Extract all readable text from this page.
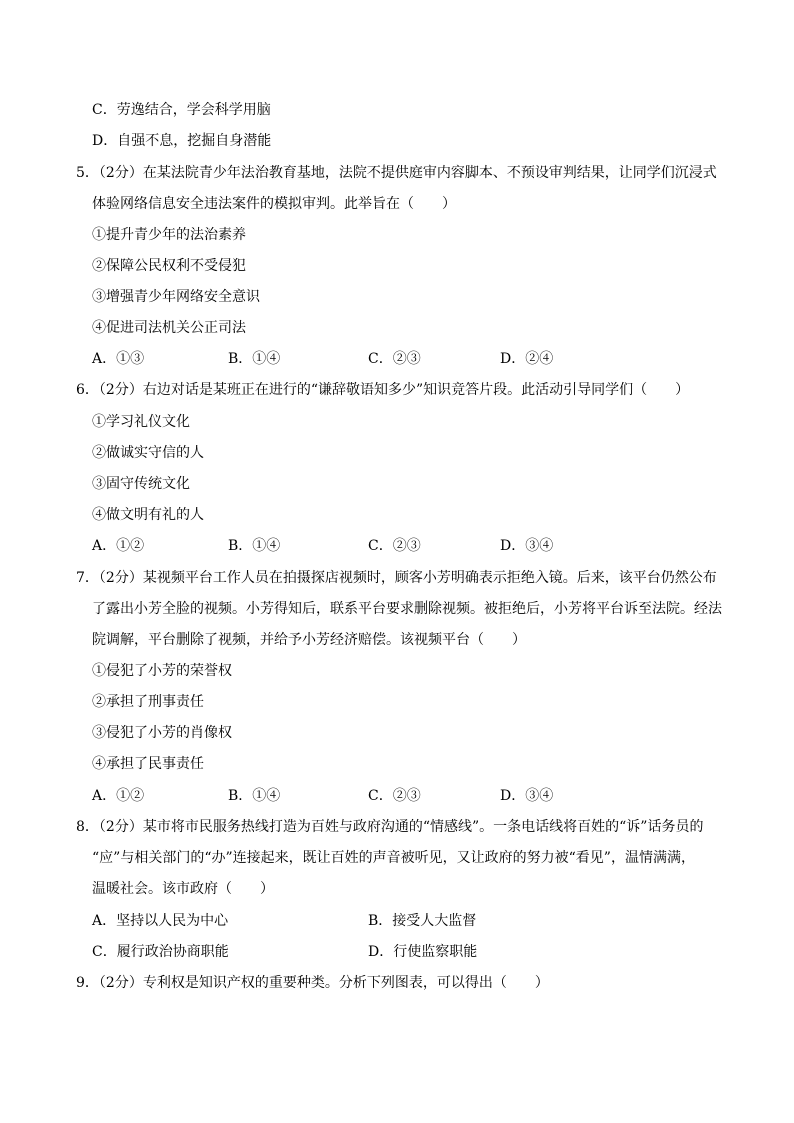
C．劳逸结合，学会科学用脑
D．自强不息，挖掘自身潜能
5．（2分）在某法院青少年法治教育基地，法院不提供庭审内容脚本、不预设审判结果，让同学们沉浸式
体验网络信息安全违法案件的模拟审判。此举旨在（　　）
①提升青少年的法治素养
②保障公民权利不受侵犯
③增强青少年网络安全意识
④促进司法机关公正司法
A．①③	B．①④	C．②③	D．②④
6．（2分）右边对话是某班正在进行的“谦辞敬语知多少”知识竞答片段。此活动引导同学们（　　）
①学习礼仪文化
②做诚实守信的人
③固守传统文化
④做文明有礼的人
A．①②	B．①④	C．②③	D．③④
7．（2分）某视频平台工作人员在拍摄探店视频时，顾客小芳明确表示拒绝入镜。后来，该平台仍然公布
了露出小芳全脸的视频。小芳得知后，联系平台要求删除视频。被拒绝后，小芳将平台诉至法院。经法
院调解，平台删除了视频，并给予小芳经济赔偿。该视频平台（　　）
①侵犯了小芳的荣誉权
②承担了刑事责任
③侵犯了小芳的肖像权
④承担了民事责任
A．①②	B．①④	C．②③	D．③④
8．（2分）某市将市民服务热线打造为百姓与政府沟通的“情感线”。一条电话线将百姓的“诉”话务员的
“应”与相关部门的“办”连接起来，既让百姓的声音被听见，又让政府的努力被“看见”，温情满满，
温暖社会。该市政府（　　）
A．坚持以人民为中心	B．接受人大监督
C．履行政治协商职能	D．行使监察职能
9．（2分）专利权是知识产权的重要种类。分析下列图表，可以得出（　　）
